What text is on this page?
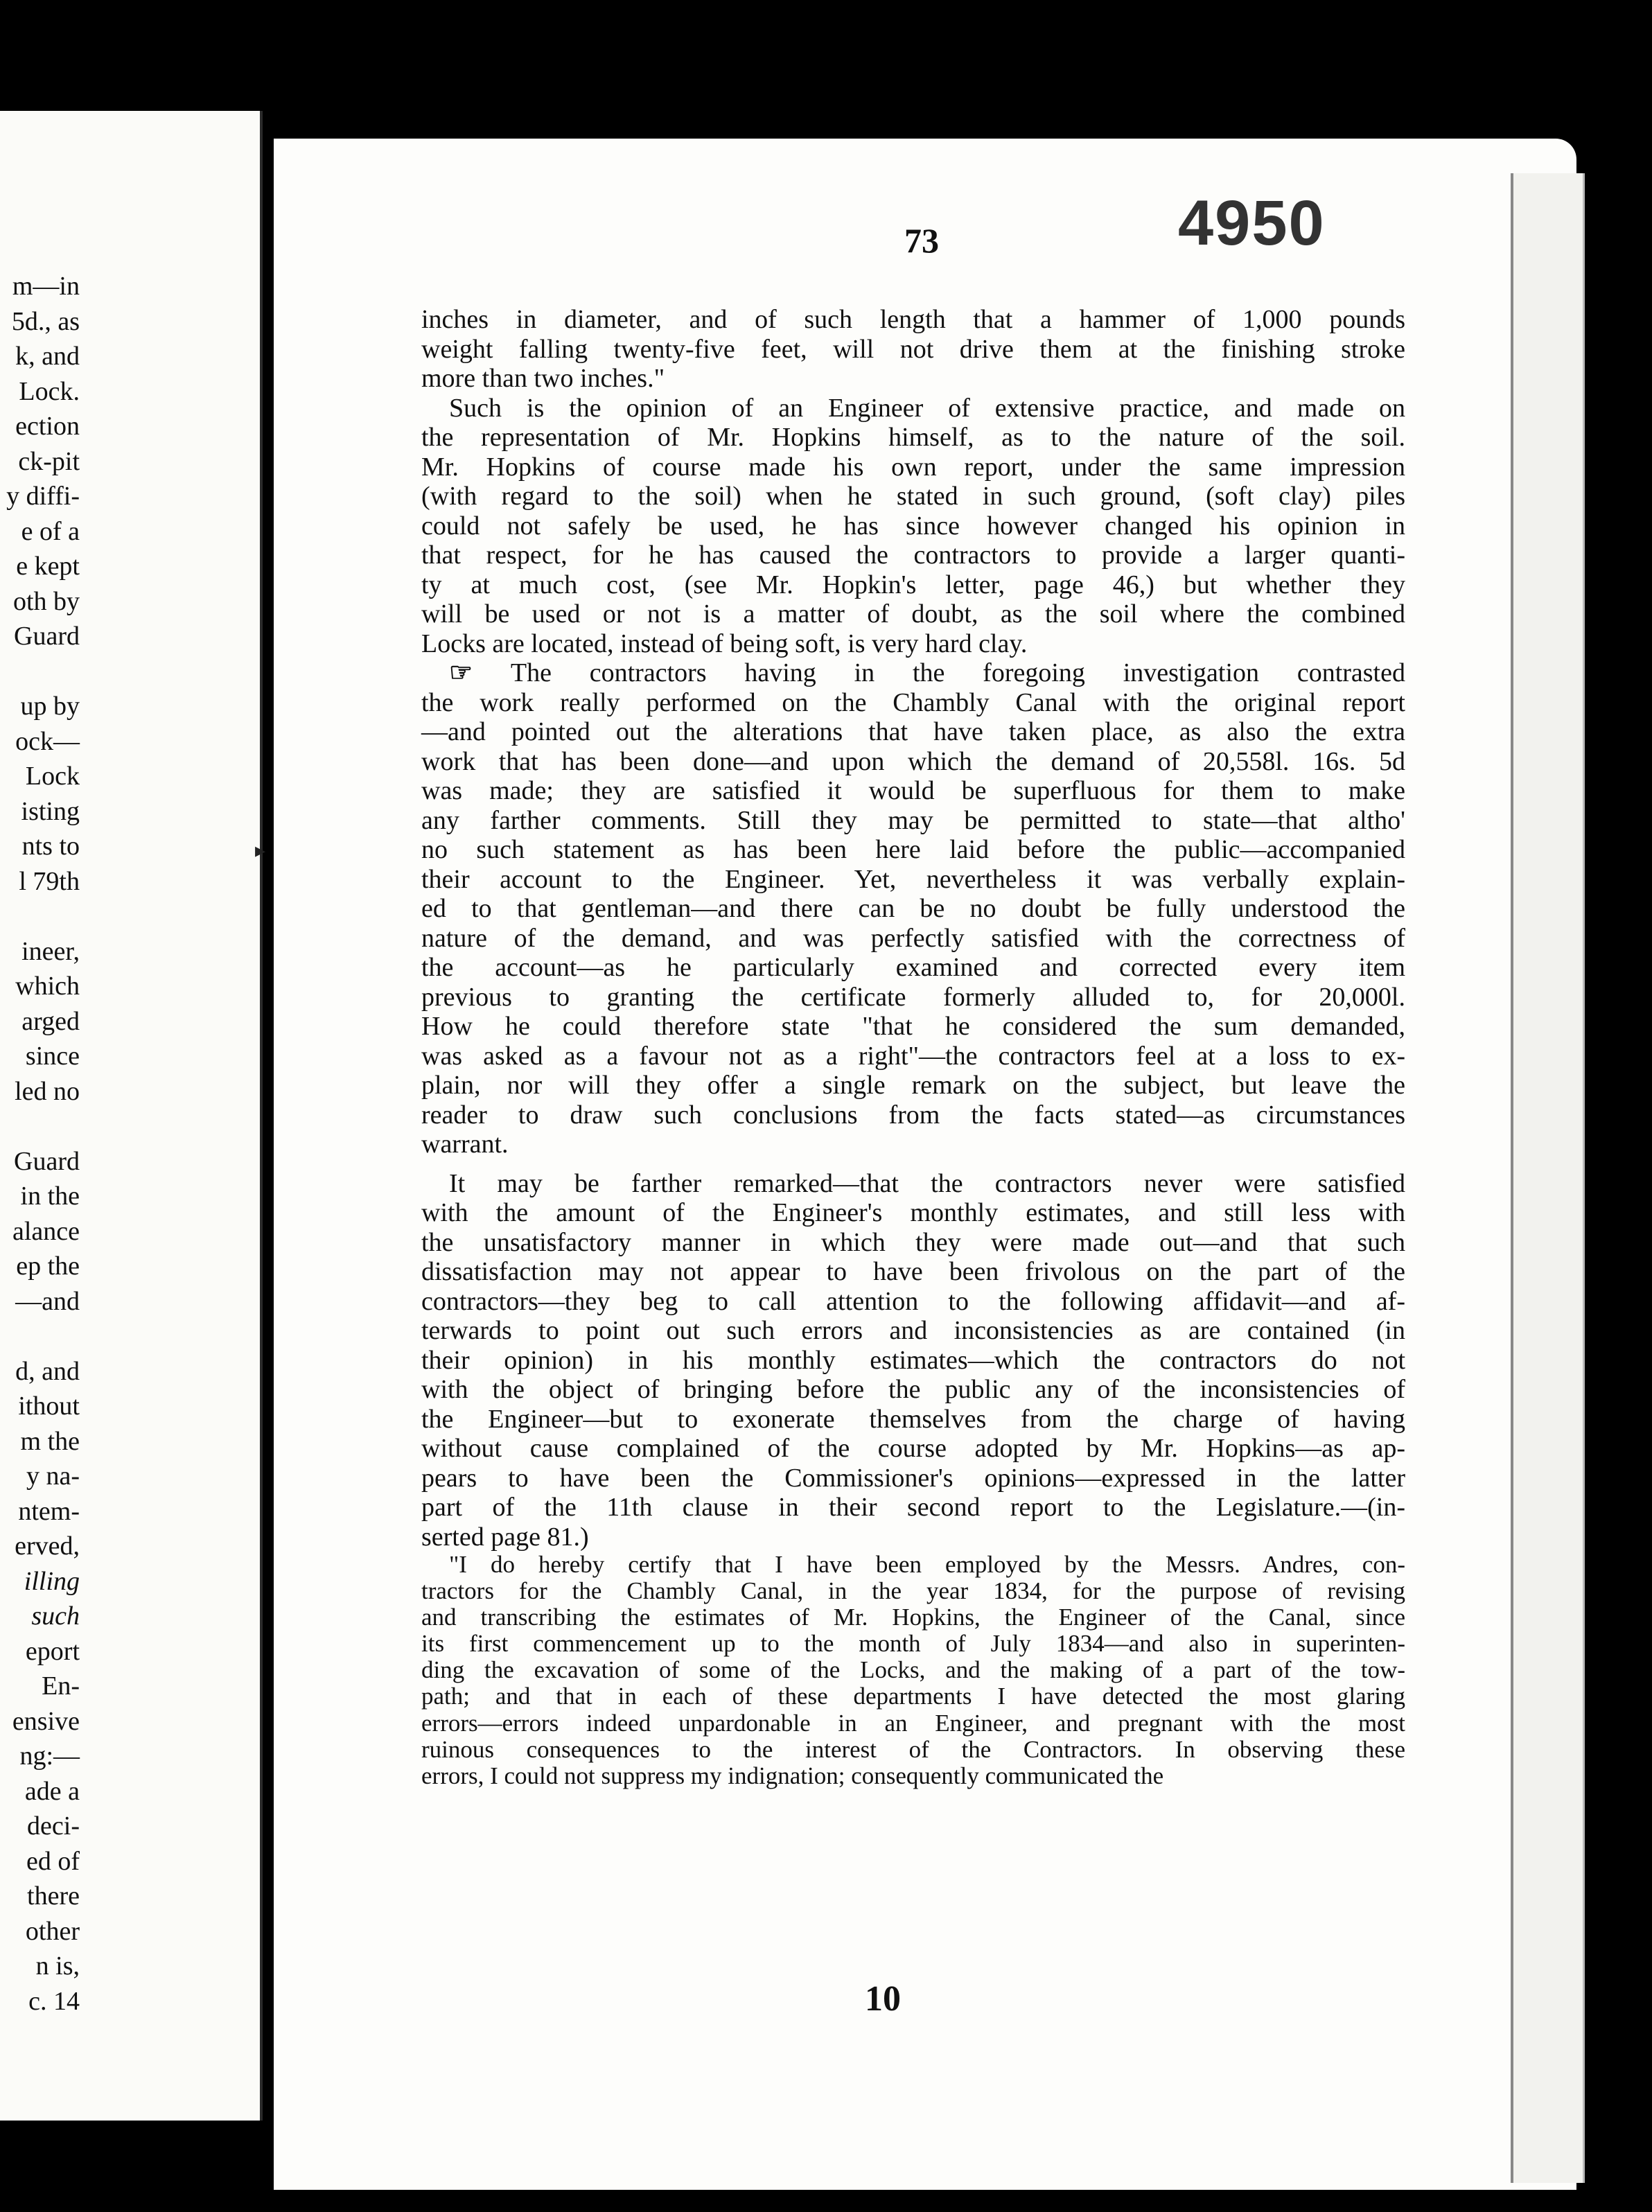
m—in
5d., as
k, and
Lock.
ection
ck-pit
y diffi-
e of a
e kept
oth by
Guard
up by
ock—
Lock
isting
nts to
l 79th
ineer,
which
arged
since
led no
Guard
in the
alance
ep the
—and
d, and
ithout
m the
y na-
ntem-
erved,
illing
such
eport
En-
ensive
ng:—
ade a
deci-
ed of
there
other
n is,
c. 14
▸
73	4950
inches in diameter, and of such length that a hammer of 1,000 pounds
weight falling twenty-five feet, will not drive them at the finishing stroke
more than two inches."
Such is the opinion of an Engineer of extensive practice, and made on
the representation of Mr. Hopkins himself, as to the nature of the soil.
Mr. Hopkins of course made his own report, under the same impression
(with regard to the soil) when he stated in such ground, (soft clay) piles
could not safely be used, he has since however changed his opinion in
that respect, for he has caused the contractors to provide a larger quanti-
ty at much cost, (see Mr. Hopkin's letter, page 46,) but whether they
will be used or not is a matter of doubt, as the soil where the combined
Locks are located, instead of being soft, is very hard clay.
☞ The contractors having in the foregoing investigation contrasted
the work really performed on the Chambly Canal with the original report
—and pointed out the alterations that have taken place, as also the extra
work that has been done—and upon which the demand of 20,558l. 16s. 5d
was made; they are satisfied it would be superfluous for them to make
any farther comments. Still they may be permitted to state—that altho'
no such statement as has been here laid before the public—accompanied
their account to the Engineer. Yet, nevertheless it was verbally explain-
ed to that gentleman—and there can be no doubt be fully understood the
nature of the demand, and was perfectly satisfied with the correctness of
the account—as he particularly examined and corrected every item
previous to granting the certificate formerly alluded to, for 20,000l.
How he could therefore state "that he considered the sum demanded,
was asked as a favour not as a right"—the contractors feel at a loss to ex-
plain, nor will they offer a single remark on the subject, but leave the
reader to draw such conclusions from the facts stated—as circumstances
warrant.
It may be farther remarked—that the contractors never were satisfied
with the amount of the Engineer's monthly estimates, and still less with
the unsatisfactory manner in which they were made out—and that such
dissatisfaction may not appear to have been frivolous on the part of the
contractors—they beg to call attention to the following affidavit—and af-
terwards to point out such errors and inconsistencies as are contained (in
their opinion) in his monthly estimates—which the contractors do not
with the object of bringing before the public any of the inconsistencies of
the Engineer—but to exonerate themselves from the charge of having
without cause complained of the course adopted by Mr. Hopkins—as ap-
pears to have been the Commissioner's opinions—expressed in the latter
part of the 11th clause in their second report to the Legislature.—(in-
serted page 81.)
"I do hereby certify that I have been employed by the Messrs. Andres, con-
tractors for the Chambly Canal, in the year 1834, for the purpose of revising
and transcribing the estimates of Mr. Hopkins, the Engineer of the Canal, since
its first commencement up to the month of July 1834—and also in superinten-
ding the excavation of some of the Locks, and the making of a part of the tow-
path; and that in each of these departments I have detected the most glaring
errors—errors indeed unpardonable in an Engineer, and pregnant with the most
ruinous consequences to the interest of the Contractors. In observing these
errors, I could not suppress my indignation; consequently communicated the
10
